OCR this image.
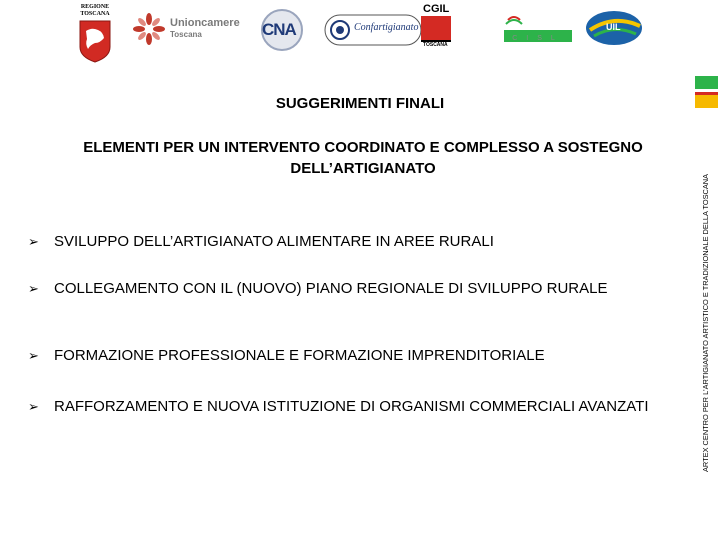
REGIONE
TOSCANA
Unioncamere
Toscana	CNA	Confartigianato
CGIL
TOSCANA
CISL
UIL
ARTEX CENTRO PER L'ARTIGIANATO ARTISTICO E TRADIZIONALE DELLA TOSCANA
SUGGERIMENTI FINALI
ELEMENTI PER UN INTERVENTO COORDINATO E COMPLESSO A SOSTEGNO DELL’ARTIGIANATO
➢ SVILUPPO DELL’ARTIGIANATO ALIMENTARE IN AREE RURALI
➢ COLLEGAMENTO CON IL (NUOVO) PIANO REGIONALE DI SVILUPPO RURALE
➢ FORMAZIONE PROFESSIONALE E FORMAZIONE IMPRENDITORIALE
➢ RAFFORZAMENTO E NUOVA ISTITUZIONE DI ORGANISMI COMMERCIALI AVANZATI
